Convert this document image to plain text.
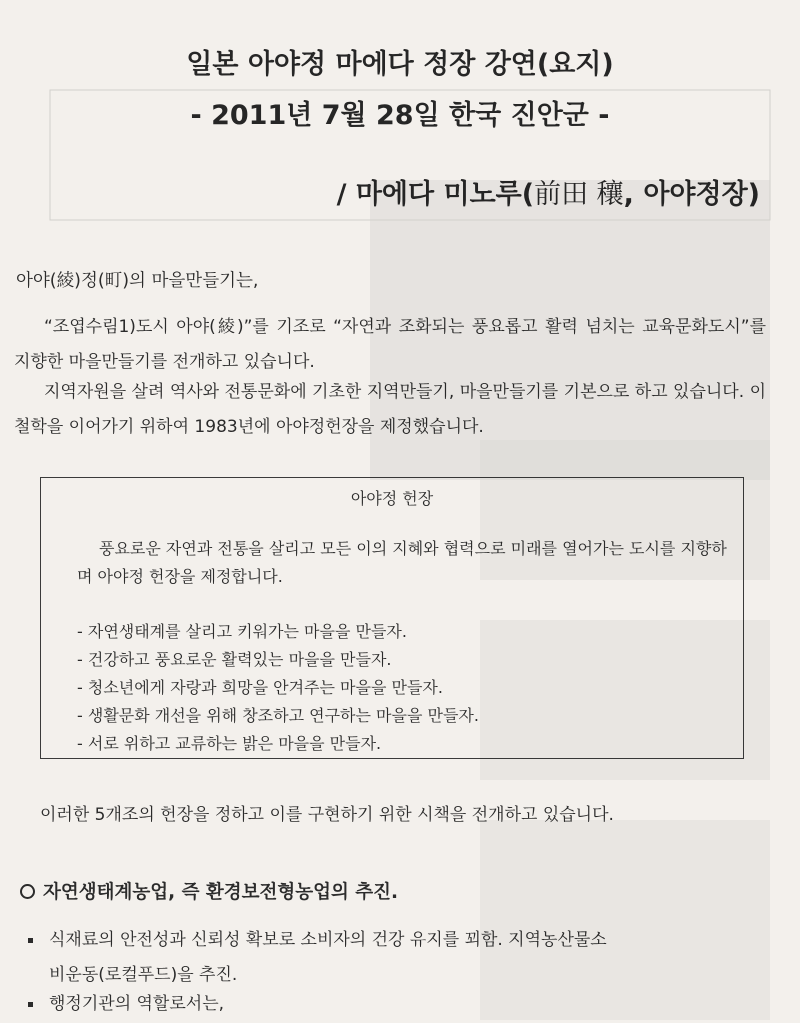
일본 아야정 마에다 정장 강연(요지)
- 2011년 7월 28일 한국 진안군 -
/ 마에다 미노루(前田 穰, 아야정장)
아야(綾)정(町)의 마을만들기는,
“조엽수림1)도시 아야(綾)”를 기조로 “자연과 조화되는 풍요롭고 활력 넘치는 교육문화도시”를 지향한 마을만들기를 전개하고 있습니다.
지역자원을 살려 역사와 전통문화에 기초한 지역만들기, 마을만들기를 기본으로 하고 있습니다. 이 철학을 이어가기 위하여 1983년에 아야정헌장을 제정했습니다.
아야정 헌장
풍요로운 자연과 전통을 살리고 모든 이의 지혜와 협력으로 미래를 열어가는 도시를 지향하며 아야정 헌장을 제정합니다.
- 자연생태계를 살리고 키워가는 마을을 만들자.
- 건강하고 풍요로운 활력있는 마을을 만들자.
- 청소년에게 자랑과 희망을 안겨주는 마을을 만들자.
- 생활문화 개선을 위해 창조하고 연구하는 마을을 만들자.
- 서로 위하고 교류하는 밝은 마을을 만들자.
이러한 5개조의 헌장을 정하고 이를 구현하기 위한 시책을 전개하고 있습니다.
자연생태계농업, 즉 환경보전형농업의 추진.
식재료의 안전성과 신뢰성 확보로 소비자의 건강 유지를 꾀함. 지역농산물소
비운동(로컬푸드)을 추진.
행정기관의 역할로서는,
